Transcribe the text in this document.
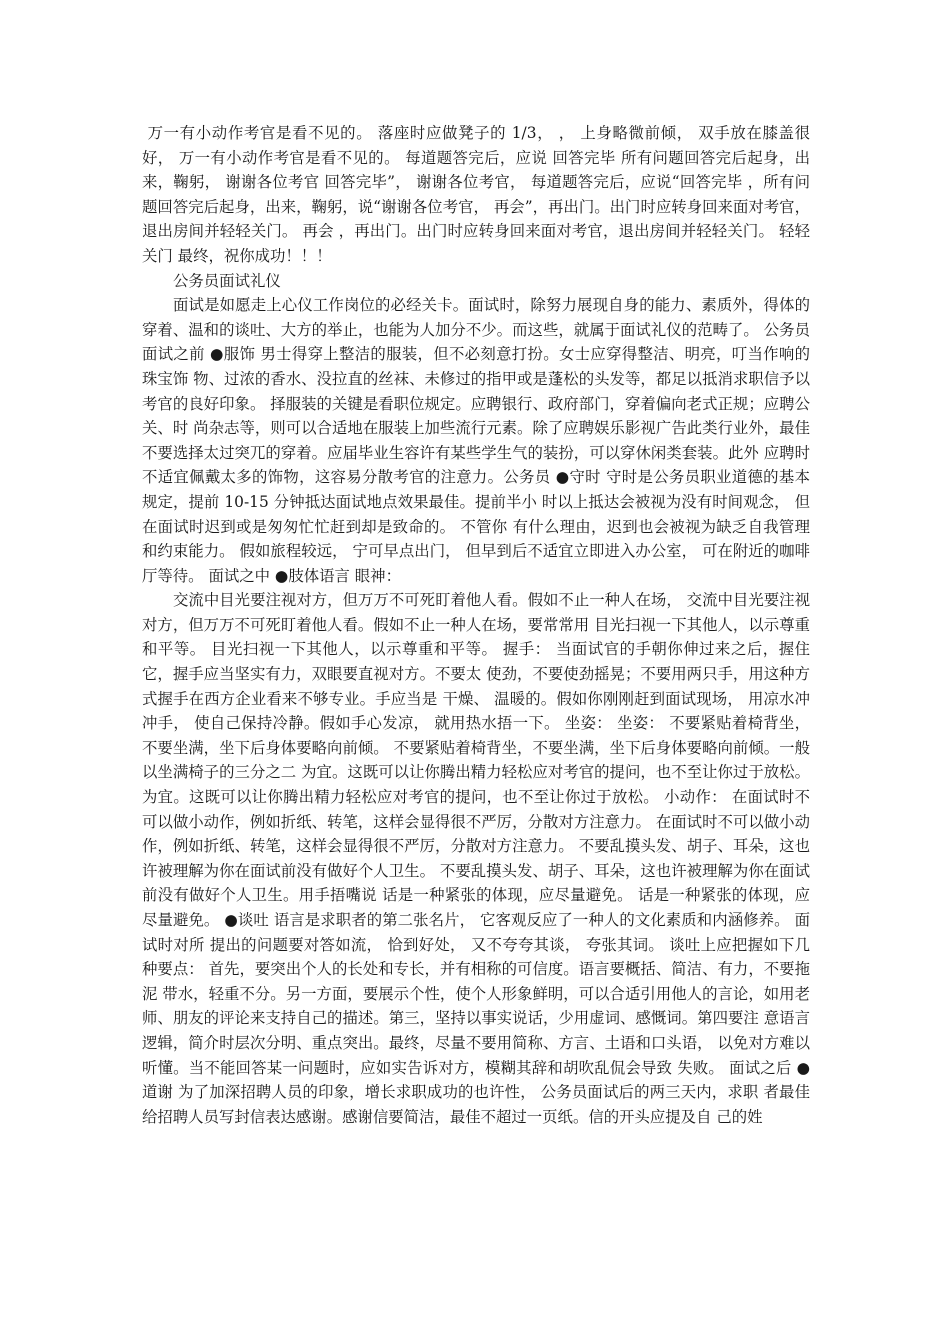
万一有小动作考官是看不见的。 落座时应做凳子的 1/3， ， 上身略微前倾， 双手放在膝盖很好， 万一有小动作考官是看不见的。 每道题答完后，应说 回答完毕 所有问题回答完后起身，出来，鞠躬， 谢谢各位考官 回答完毕”， 谢谢各位考官， 每道题答完后，应说“回答完毕 ，所有问题回答完后起身，出来，鞠躬，说“谢谢各位考官， 再会”，再出门。出门时应转身回来面对考官，退出房间并轻轻关门。 再会 ，再出门。出门时应转身回来面对考官，退出房间并轻轻关门。 轻轻关门 最终，祝你成功！！！

公务员面试礼仪

面试是如愿走上心仪工作岗位的必经关卡。面试时，除努力展现自身的能力、素质外，得体的穿着、温和的谈吐、大方的举止，也能为人加分不少。而这些，就属于面试礼仪的范畴了。 公务员面试之前 ●服饰 男士得穿上整洁的服装，但不必刻意打扮。女士应穿得整洁、明亮，叮当作响的珠宝饰 物、过浓的香水、没拉直的丝袜、未修过的指甲或是蓬松的头发等，都足以抵消求职信予以 考官的良好印象。 择服装的关键是看职位规定。应聘银行、政府部门，穿着偏向老式正规；应聘公关、时 尚杂志等，则可以合适地在服装上加些流行元素。除了应聘娱乐影视广告此类行业外，最佳 不要选择太过突兀的穿着。应届毕业生容许有某些学生气的装扮，可以穿休闲类套装。此外 应聘时不适宜佩戴太多的饰物，这容易分散考官的注意力。公务员 ●守时 守时是公务员职业道德的基本规定，提前 10-15 分钟抵达面试地点效果最佳。提前半小 时以上抵达会被视为没有时间观念， 但在面试时迟到或是匆匆忙忙赶到却是致命的。 不管你 有什么理由，迟到也会被视为缺乏自我管理和约束能力。 假如旅程较远， 宁可早点出门， 但早到后不适宜立即进入办公室， 可在附近的咖啡厅等待。 面试之中 ●肢体语言 眼神：

交流中目光要注视对方，但万万不可死盯着他人看。假如不止一种人在场， 交流中目光要注视对方，但万万不可死盯着他人看。假如不止一种人在场，要常常用 目光扫视一下其他人，以示尊重和平等。 目光扫视一下其他人，以示尊重和平等。 握手： 当面试官的手朝你伸过来之后，握住它，握手应当坚实有力，双眼要直视对方。不要太 使劲，不要使劲摇晃；不要用两只手，用这种方式握手在西方企业看来不够专业。手应当是 干燥、 温暖的。假如你刚刚赶到面试现场， 用凉水冲冲手， 使自己保持冷静。假如手心发凉， 就用热水捂一下。 坐姿： 坐姿： 不要紧贴着椅背坐，不要坐满，坐下后身体要略向前倾。 不要紧贴着椅背坐，不要坐满，坐下后身体要略向前倾。一般以坐满椅子的三分之二 为宜。这既可以让你腾出精力轻松应对考官的提问，也不至让你过于放松。 为宜。这既可以让你腾出精力轻松应对考官的提问，也不至让你过于放松。 小动作： 在面试时不可以做小动作，例如折纸、转笔，这样会显得很不严厉，分散对方注意力。 在面试时不可以做小动作，例如折纸、转笔，这样会显得很不严厉，分散对方注意力。 不要乱摸头发、胡子、耳朵，这也许被理解为你在面试前没有做好个人卫生。 不要乱摸头发、胡子、耳朵，这也许被理解为你在面试前没有做好个人卫生。用手捂嘴说 话是一种紧张的体现，应尽量避免。 话是一种紧张的体现，应尽量避免。 ●谈吐 语言是求职者的第二张名片， 它客观反应了一种人的文化素质和内涵修养。 面试时对所 提出的问题要对答如流， 恰到好处， 又不夸夸其谈， 夸张其词。 谈吐上应把握如下几种要点： 首先，要突出个人的长处和专长，并有相称的可信度。语言要概括、简洁、有力，不要拖泥 带水，轻重不分。另一方面，要展示个性，使个人形象鲜明，可以合适引用他人的言论，如用老 师、朋友的评论来支持自己的描述。第三，坚持以事实说话，少用虚词、感慨词。第四要注 意语言逻辑，简介时层次分明、重点突出。最终，尽量不要用简称、方言、土语和口头语， 以免对方难以听懂。当不能回答某一问题时，应如实告诉对方，模糊其辞和胡吹乱侃会导致 失败。 面试之后 ●道谢 为了加深招聘人员的印象，增长求职成功的也许性， 公务员面试后的两三天内，求职 者最佳给招聘人员写封信表达感谢。感谢信要简洁，最佳不超过一页纸。信的开头应提及自 己的姓
